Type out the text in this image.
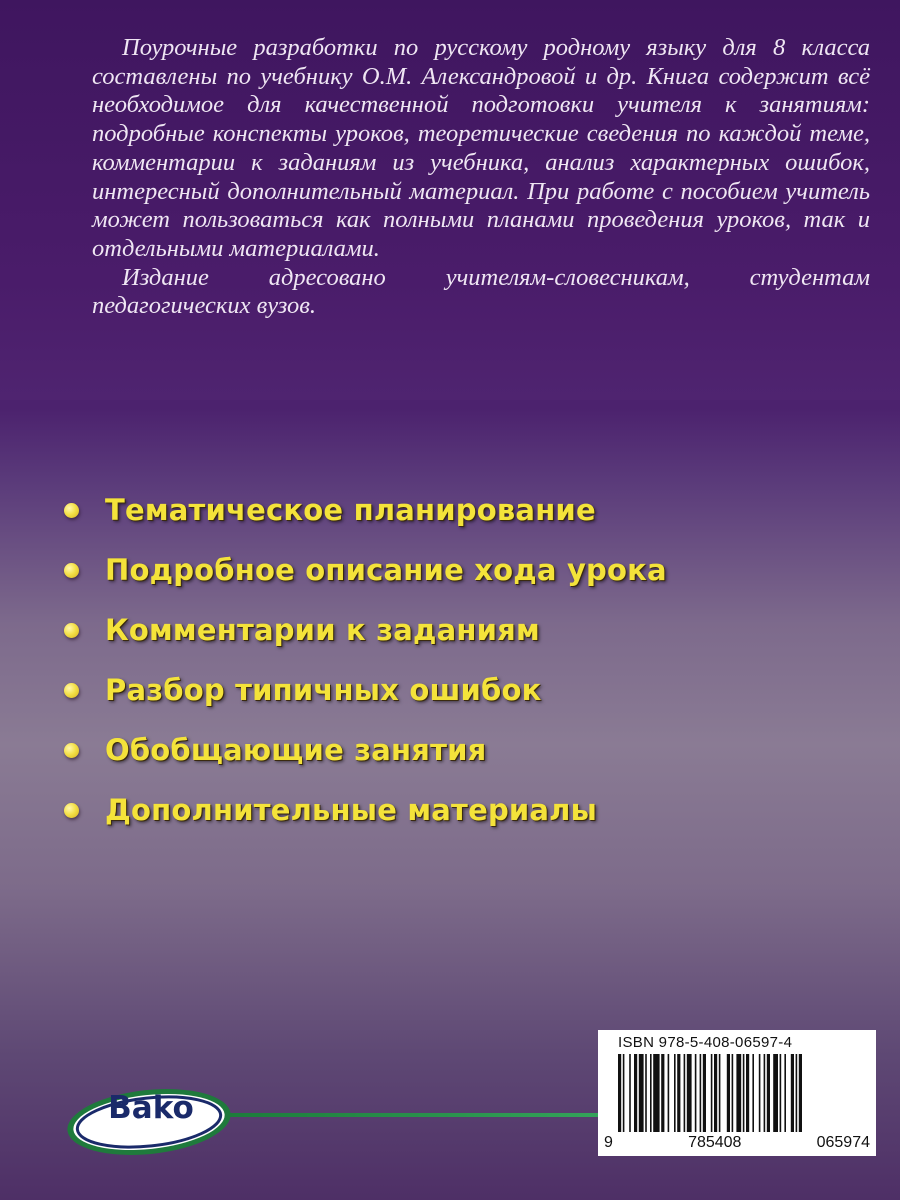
Поурочные разработки по русскому родному языку для 8 класса составлены по учебнику О.М. Александровой и др. Книга содержит всё необходимое для качественной подготовки учителя к занятиям: подробные конспекты уроков, теоретические сведения по каждой теме, комментарии к заданиям из учебника, анализ характерных ошибок, интересный дополнительный материал. При работе с пособием учитель может пользоваться как полными планами проведения уроков, так и отдельными материалами.

Издание адресовано учителям-словесникам, студентам педагогических вузов.

Тематическое планирование
Подробное описание хода урока
Комментарии к заданиям
Разбор типичных ошибок
Обобщающие занятия
Дополнительные материалы
Bako
ISBN 978-5-408-06597-4
9	785408	065974
